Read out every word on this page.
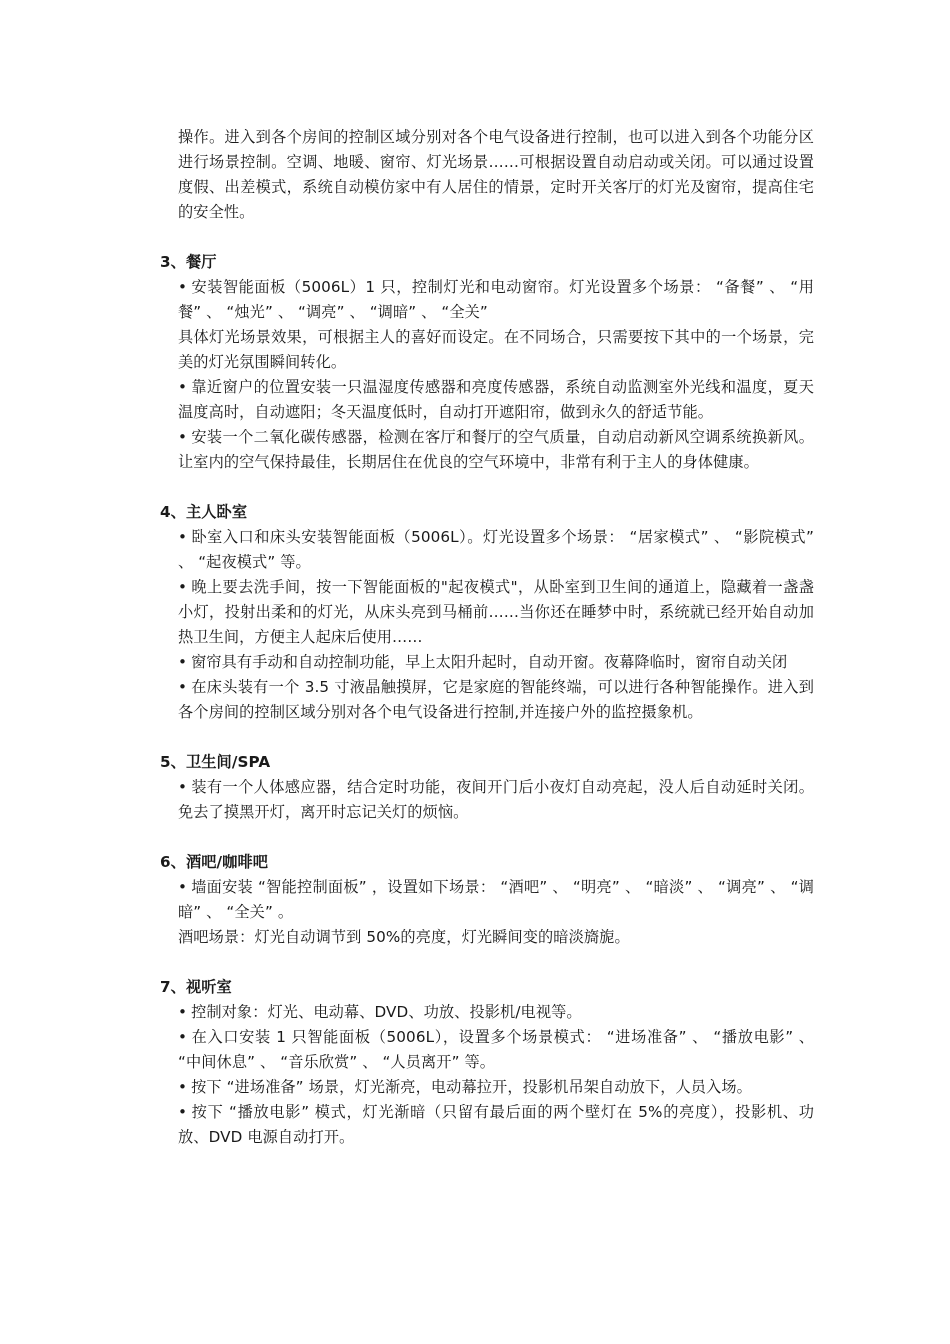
操作。进入到各个房间的控制区域分别对各个电气设备进行控制，也可以进入到各个功能分区进行场景控制。空调、地暖、窗帘、灯光场景……可根据设置自动启动或关闭。可以通过设置度假、出差模式，系统自动模仿家中有人居住的情景，定时开关客厅的灯光及窗帘，提高住宅的安全性。

3、餐厅

• 安装智能面板（5006L）1 只，控制灯光和电动窗帘。灯光设置多个场景： “备餐” 、 “用餐” 、 “烛光” 、 “调亮” 、 “调暗” 、 “全关”

具体灯光场景效果，可根据主人的喜好而设定。在不同场合，只需要按下其中的一个场景，完美的灯光氛围瞬间转化。

• 靠近窗户的位置安装一只温湿度传感器和亮度传感器，系统自动监测室外光线和温度，夏天温度高时，自动遮阳；冬天温度低时，自动打开遮阳帘，做到永久的舒适节能。

• 安装一个二氧化碳传感器，检测在客厅和餐厅的空气质量，自动启动新风空调系统换新风。让室内的空气保持最佳，长期居住在优良的空气环境中，非常有利于主人的身体健康。

4、主人卧室

• 卧室入口和床头安装智能面板（5006L）。灯光设置多个场景： “居家模式” 、 “影院模式” 、 “起夜模式” 等。

• 晚上要去洗手间，按一下智能面板的"起夜模式"，从卧室到卫生间的通道上，隐藏着一盏盏小灯，投射出柔和的灯光，从床头亮到马桶前……当你还在睡梦中时，系统就已经开始自动加热卫生间，方便主人起床后使用……

• 窗帘具有手动和自动控制功能，早上太阳升起时，自动开窗。夜幕降临时，窗帘自动关闭

• 在床头装有一个 3.5 寸液晶触摸屏，它是家庭的智能终端，可以进行各种智能操作。进入到各个房间的控制区域分别对各个电气设备进行控制,并连接户外的监控摄象机。

5、卫生间/SPA

• 装有一个人体感应器，结合定时功能，夜间开门后小夜灯自动亮起，没人后自动延时关闭。免去了摸黑开灯，离开时忘记关灯的烦恼。

6、酒吧/咖啡吧

• 墙面安装 “智能控制面板” ，设置如下场景： “酒吧” 、 “明亮” 、 “暗淡” 、 “调亮” 、 “调暗” 、 “全关” 。

酒吧场景：灯光自动调节到 50%的亮度，灯光瞬间变的暗淡旖旎。

7、视听室

• 控制对象：灯光、电动幕、DVD、功放、投影机/电视等。

• 在入口安装 1 只智能面板（5006L），设置多个场景模式： “进场准备” 、 “播放电影” 、 “中间休息” 、 “音乐欣赏” 、 “人员离开” 等。

• 按下 “进场准备” 场景，灯光渐亮，电动幕拉开，投影机吊架自动放下，人员入场。

• 按下 “播放电影” 模式，灯光渐暗（只留有最后面的两个壁灯在 5%的亮度），投影机、功放、DVD 电源自动打开。
